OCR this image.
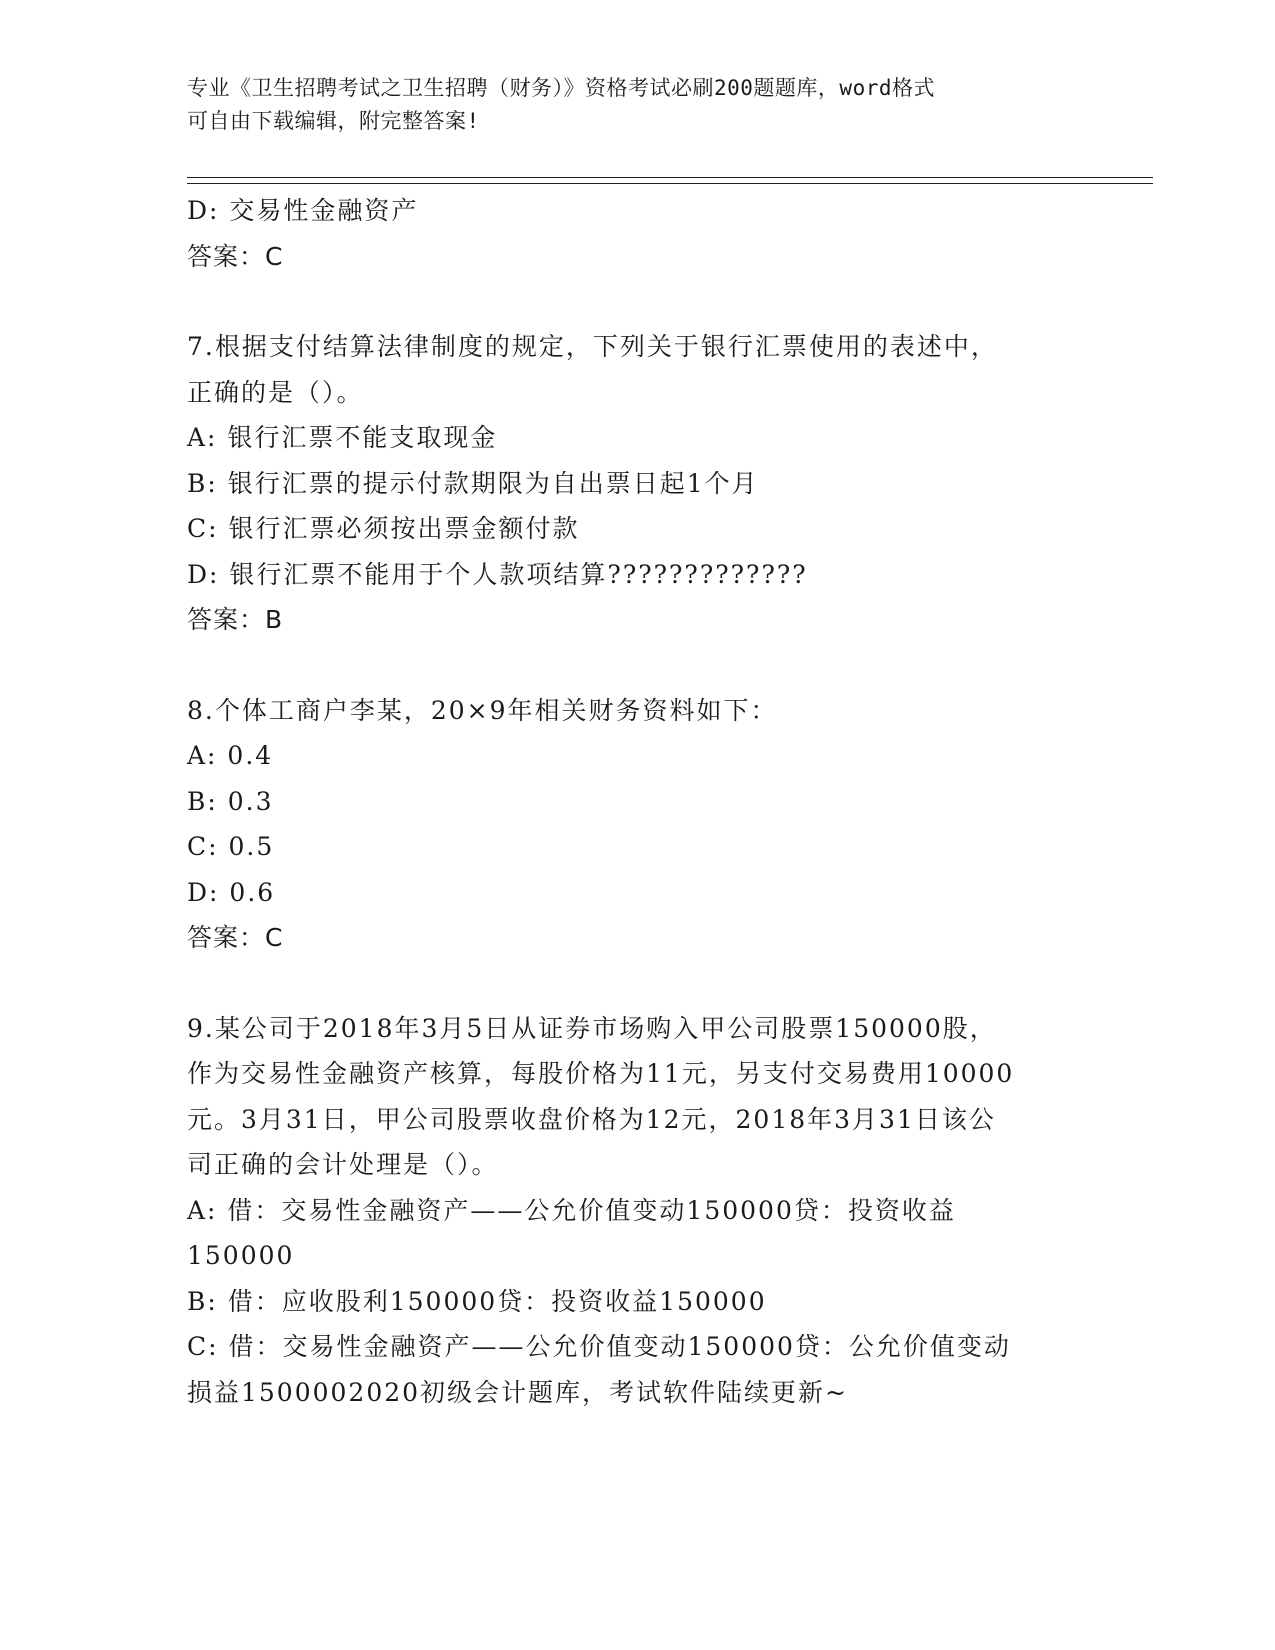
专业《卫生招聘考试之卫生招聘（财务）》资格考试必刷200题题库，word格式
可自由下载编辑，附完整答案!
D: 交易性金融资产
答案：C
7.根据支付结算法律制度的规定，下列关于银行汇票使用的表述中，
正确的是（）。
A: 银行汇票不能支取现金
B: 银行汇票的提示付款期限为自出票日起1个月
C: 银行汇票必须按出票金额付款
D: 银行汇票不能用于个人款项结算?????????????
答案：B
8.个体工商户李某，20×9年相关财务资料如下：
A: 0.4
B: 0.3
C: 0.5
D: 0.6
答案：C
9.某公司于2018年3月5日从证券市场购入甲公司股票150000股，
作为交易性金融资产核算，每股价格为11元，另支付交易费用10000
元。3月31日，甲公司股票收盘价格为12元，2018年3月31日该公
司正确的会计处理是（）。
A: 借：交易性金融资产——公允价值变动150000贷：投资收益
150000
B: 借：应收股利150000贷：投资收益150000
C: 借：交易性金融资产——公允价值变动150000贷：公允价值变动
损益1500002020初级会计题库，考试软件陆续更新~
